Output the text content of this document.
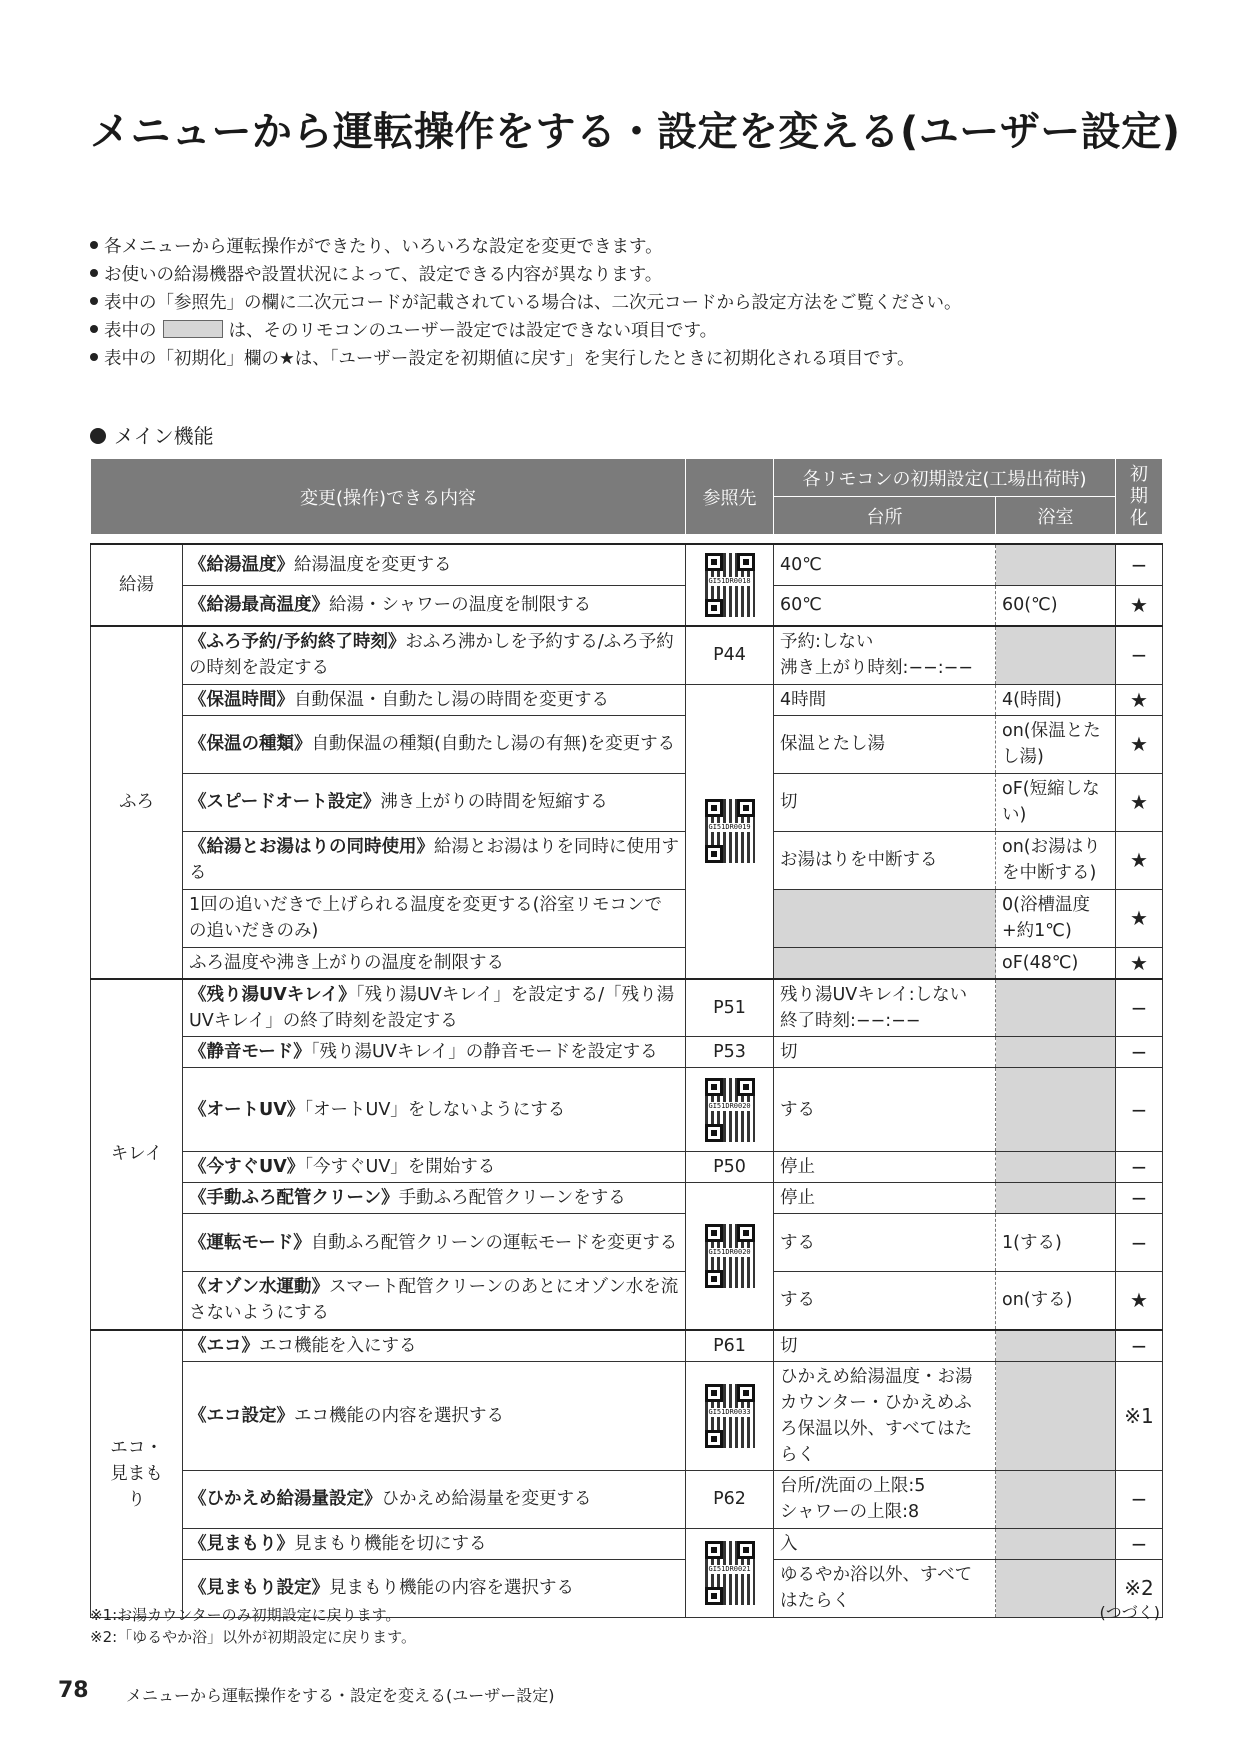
メニューから運転操作をする・設定を変える(ユーザー設定)
各メニューから運転操作ができたり、いろいろな設定を変更できます。
お使いの給湯機器や設置状況によって、設定できる内容が異なります。
表中の「参照先」の欄に二次元コードが記載されている場合は、二次元コードから設定方法をご覧ください。
表中の	は、そのリモコンのユーザー設定では設定できない項目です。
表中の「初期化」欄の★は、「ユーザー設定を初期値に戻す」を実行したときに初期化される項目です。
メイン機能
変更(操作)できる内容	参照先	各リモコンの初期設定(工場出荷時)		初期化
		台所	浴室	
給湯	《給湯温度》給湯温度を変更する	GI51DR0018	40℃		−
	《給湯最高温度》給湯・シャワーの温度を制限する		60℃	60(℃)	★
ふろ	《ふろ予約/予約終了時刻》おふろ沸かしを予約する/ふろ予約の時刻を設定する	P44	予約:しない
沸き上がり時刻:−−:−−		−
	《保温時間》自動保温・自動たし湯の時間を変更する	GI51DR0019	4時間	4(時間)	★
	《保温の種類》自動保温の種類(自動たし湯の有無)を変更する		保温とたし湯	on(保温とたし湯)	★
	《スピードオート設定》沸き上がりの時間を短縮する		切	oF(短縮しない)	★
	《給湯とお湯はりの同時使用》給湯とお湯はりを同時に使用する		お湯はりを中断する	on(お湯はりを中断する)	★
	1回の追いだきで上げられる温度を変更する(浴室リモコンでの追いだきのみ)			0(浴槽温度+約1℃)	★
	ふろ温度や沸き上がりの温度を制限する			oF(48℃)	★
キレイ	《残り湯UVキレイ》「残り湯UVキレイ」を設定する/「残り湯UVキレイ」の終了時刻を設定する	P51	残り湯UVキレイ:しない
終了時刻:−−:−−		−
	《静音モード》「残り湯UVキレイ」の静音モードを設定する	P53	切		−
	《オートUV》「オートUV」をしないようにする	GI51DR0020	する		−
	《今すぐUV》「今すぐUV」を開始する	P50	停止		−
	《手動ふろ配管クリーン》手動ふろ配管クリーンをする	GI51DR0020	停止		−
	《運転モード》自動ふろ配管クリーンの運転モードを変更する		する	1(する)	−
	《オゾン水運動》スマート配管クリーンのあとにオゾン水を流さないようにする		する	on(する)	★
エコ・見まもり	《エコ》エコ機能を入にする	P61	切		−
	《エコ設定》エコ機能の内容を選択する	GI51DR0033	ひかえめ給湯温度・お湯カウンター・ひかえめふろ保温以外、すべてはたらく		※1
	《ひかえめ給湯量設定》ひかえめ給湯量を変更する	P62	台所/洗面の上限:5
シャワーの上限:8		−
	《見まもり》見まもり機能を切にする	GI51DR0021	入		−
	《見まもり設定》見まもり機能の内容を選択する		ゆるやか浴以外、すべてはたらく		※2
※1:お湯カウンターのみ初期設定に戻ります。
※2:「ゆるやか浴」以外が初期設定に戻ります。
(つづく)
78 メニューから運転操作をする・設定を変える(ユーザー設定)
